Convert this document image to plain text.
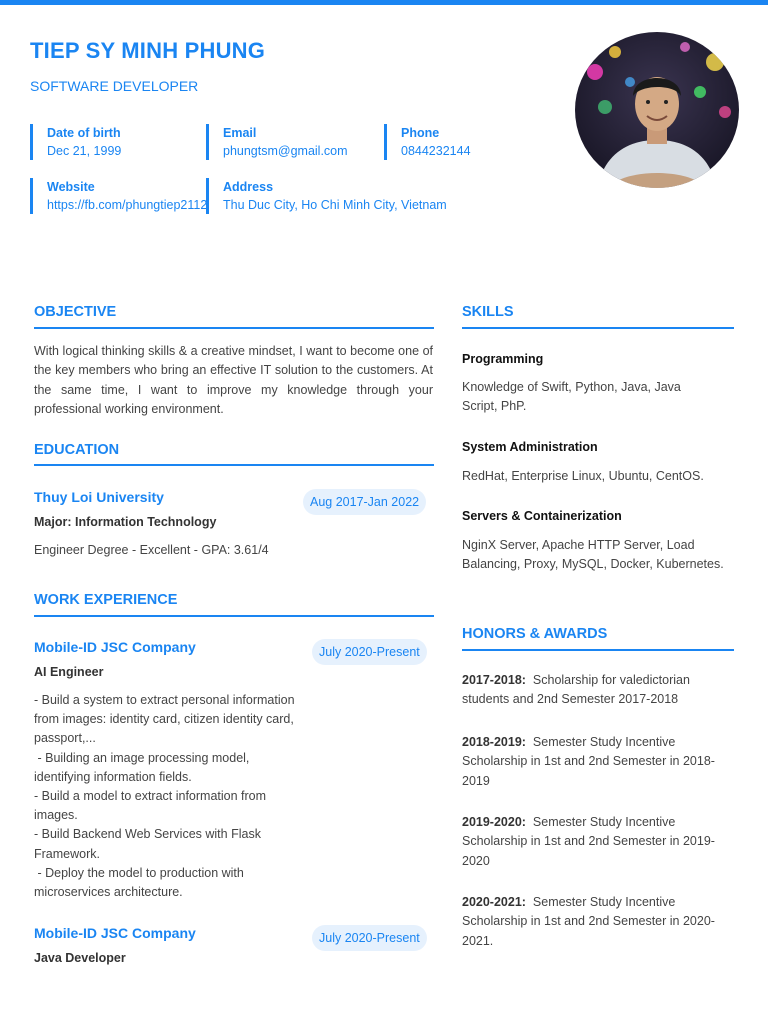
TIEP SY MINH PHUNG
SOFTWARE DEVELOPER
Date of birth
Dec 21, 1999
Email
phungtsm@gmail.com
Phone
0844232144
Website
https://fb.com/phungtiep2112
Address
Thu Duc City, Ho Chi Minh City, Vietnam
OBJECTIVE
With logical thinking skills & a creative mindset, I want to become one of the key members who bring an effective IT solution to the customers. At the same time, I want to improve my knowledge through your professional working environment.
EDUCATION
Thuy Loi University	Aug 2017-Jan 2022
Major: Information Technology
Engineer Degree - Excellent - GPA: 3.61/4
WORK EXPERIENCE
Mobile-ID JSC Company	July 2020-Present
AI Engineer
- Build a system to extract personal information from images: identity card, citizen identity card, passport,...
- Building an image processing model, identifying information fields.
- Build a model to extract information from images.
- Build Backend Web Services with Flask Framework.
- Deploy the model to production with microservices architecture.
Mobile-ID JSC Company	July 2020-Present
Java Developer
SKILLS
Programming
Knowledge of Swift, Python, Java, Java Script, PhP.
System Administration
RedHat, Enterprise Linux, Ubuntu, CentOS.
Servers & Containerization
NginX Server, Apache HTTP Server, Load Balancing, Proxy, MySQL, Docker, Kubernetes.
HONORS & AWARDS
2017-2018: Scholarship for valedictorian students and 2nd Semester 2017-2018
2018-2019: Semester Study Incentive Scholarship in 1st and 2nd Semester in 2018-2019
2019-2020: Semester Study Incentive Scholarship in 1st and 2nd Semester in 2019-2020
2020-2021: Semester Study Incentive Scholarship in 1st and 2nd Semester in 2020-2021.
